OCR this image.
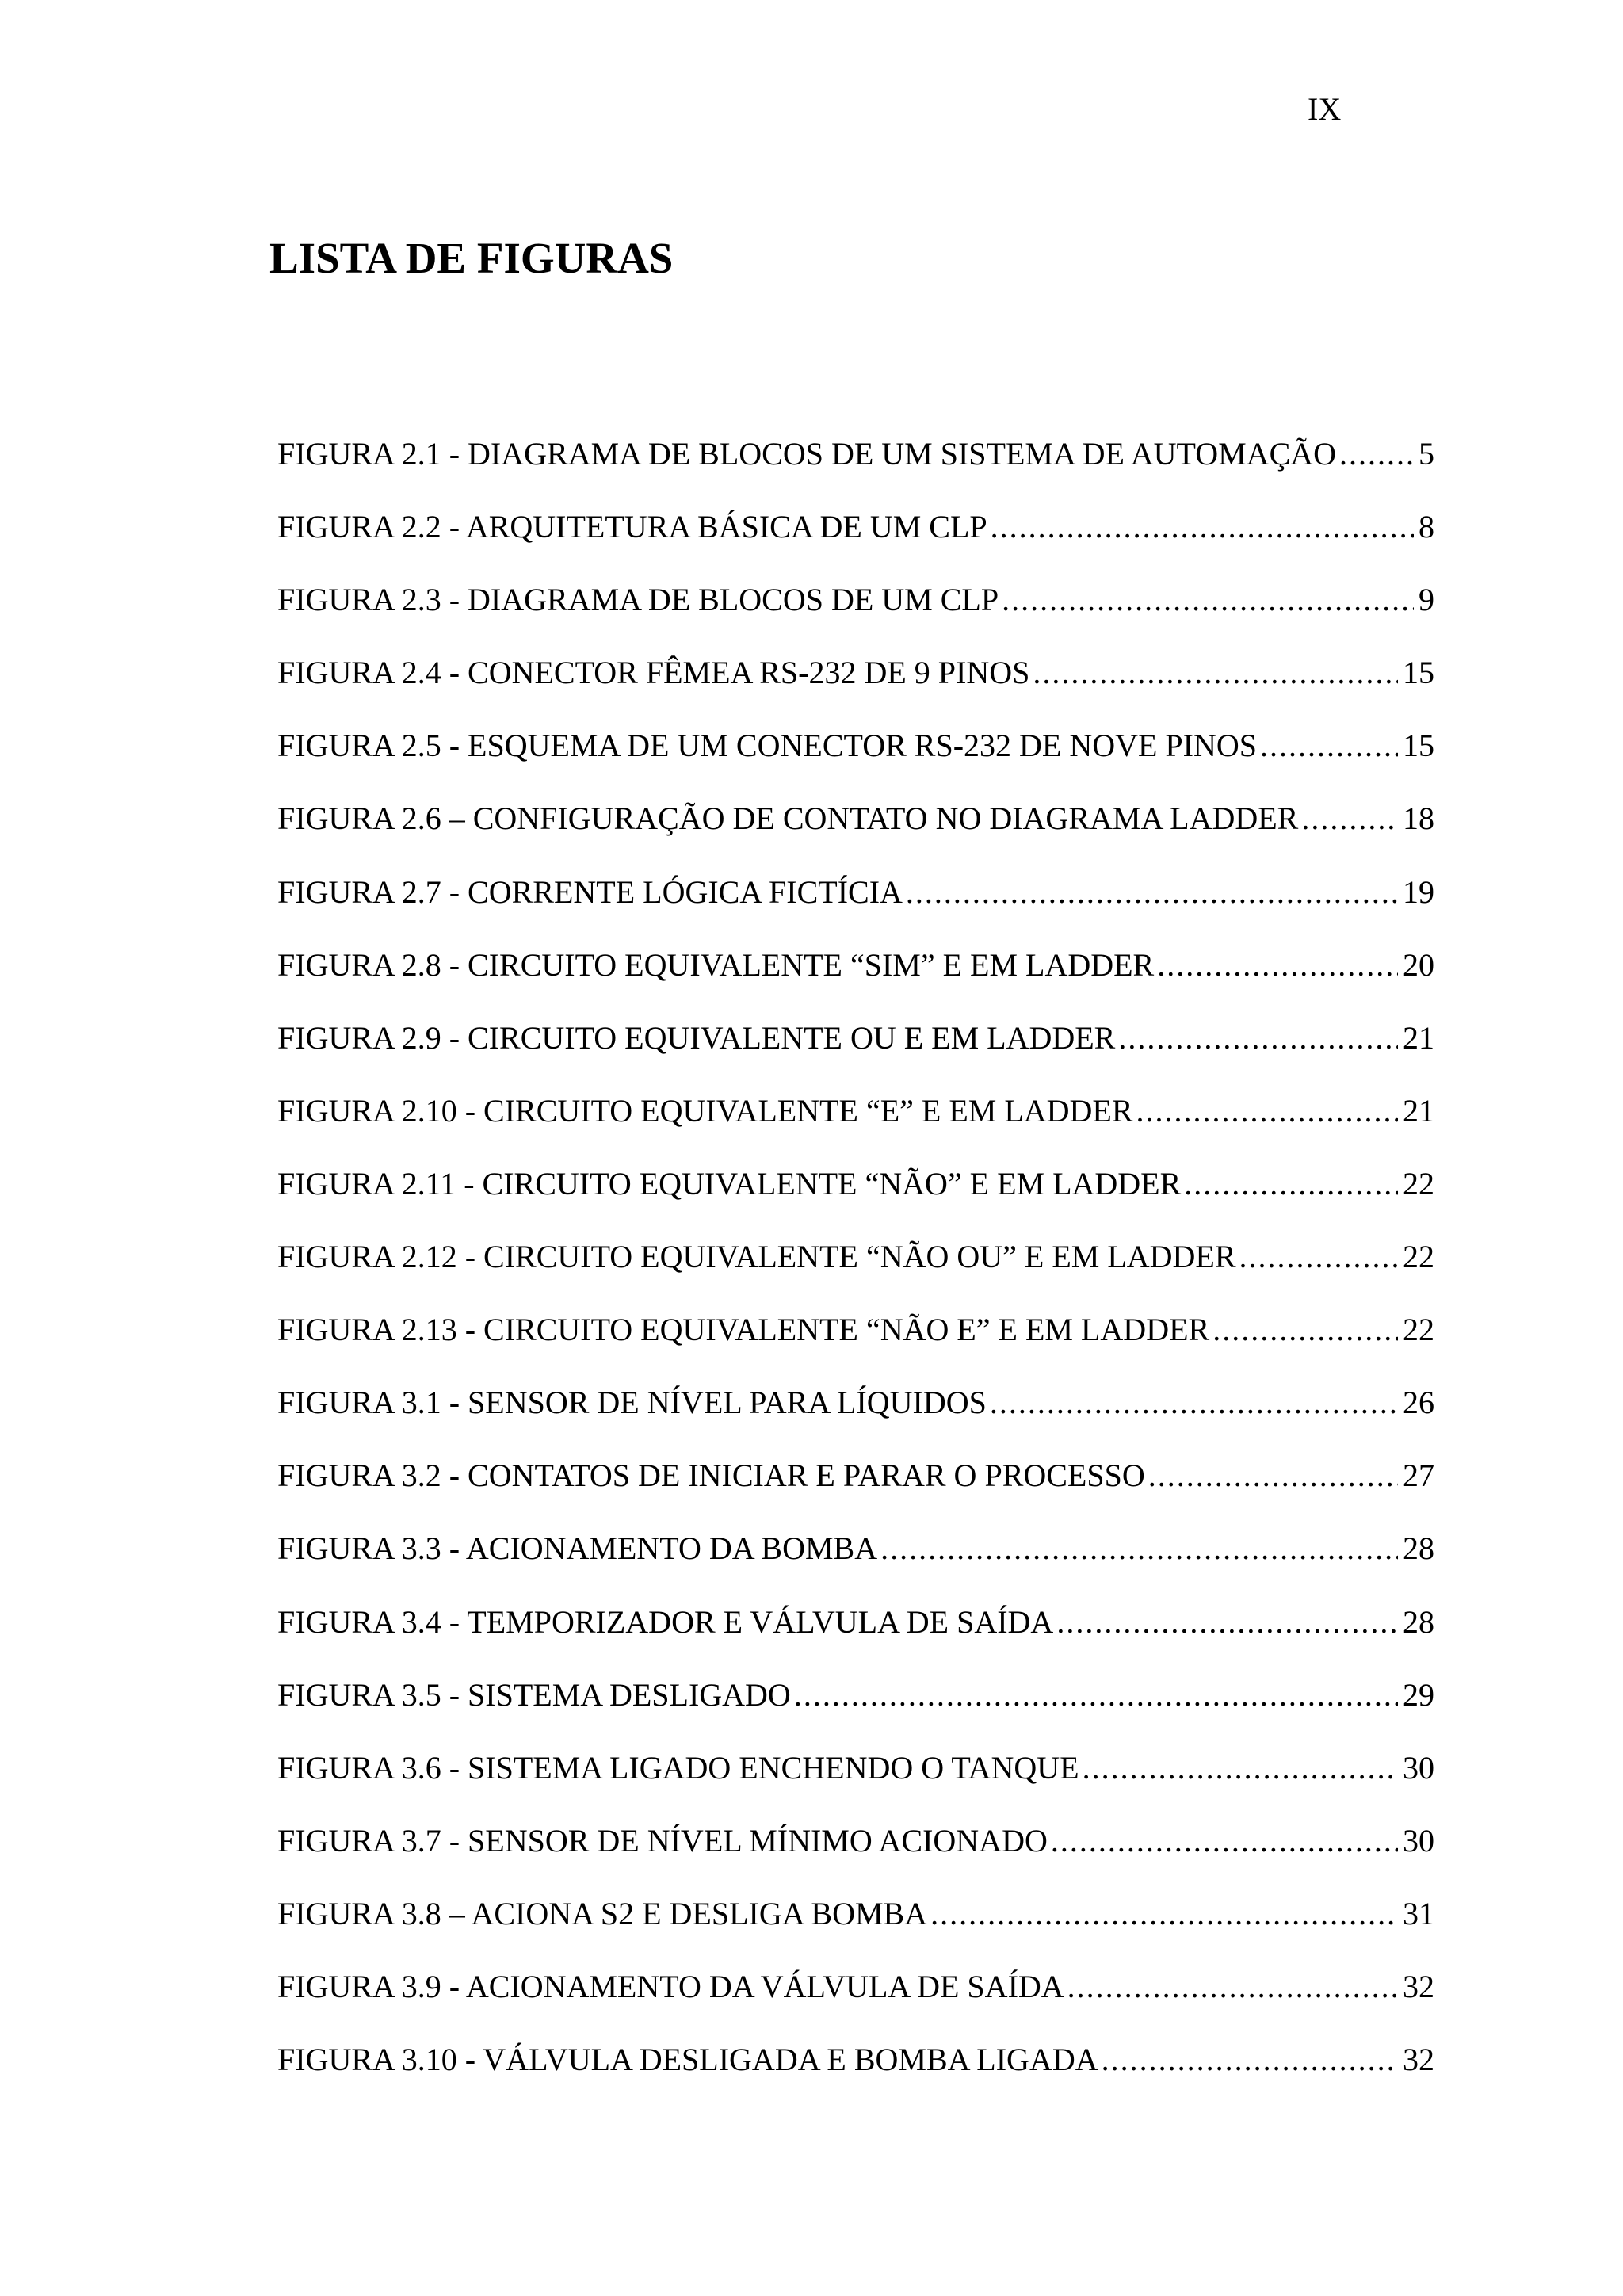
IX
LISTA DE FIGURAS
FIGURA 2.1 - DIAGRAMA DE BLOCOS DE UM SISTEMA DE AUTOMAÇÃO .....	5
FIGURA 2.2 - ARQUITETURA BÁSICA DE UM CLP .....	8
FIGURA 2.3 - DIAGRAMA DE BLOCOS DE UM CLP .....	9
FIGURA 2.4 - CONECTOR FÊMEA RS-232 DE 9 PINOS .....	15
FIGURA 2.5 - ESQUEMA DE UM CONECTOR RS-232 DE NOVE PINOS .....	15
FIGURA 2.6 – CONFIGURAÇÃO DE CONTATO NO DIAGRAMA LADDER .....	18
FIGURA 2.7 - CORRENTE LÓGICA FICTÍCIA .....	19
FIGURA 2.8 - CIRCUITO EQUIVALENTE “SIM” E EM LADDER .....	20
FIGURA 2.9 - CIRCUITO EQUIVALENTE OU E EM LADDER .....	21
FIGURA 2.10 - CIRCUITO EQUIVALENTE “E” E EM LADDER .....	21
FIGURA 2.11 - CIRCUITO EQUIVALENTE “NÃO” E EM LADDER .....	22
FIGURA 2.12 - CIRCUITO EQUIVALENTE “NÃO OU” E EM LADDER .....	22
FIGURA 2.13 - CIRCUITO EQUIVALENTE “NÃO E” E EM LADDER .....	22
FIGURA 3.1 - SENSOR DE NÍVEL PARA LÍQUIDOS .....	26
FIGURA 3.2 - CONTATOS DE INICIAR E PARAR O PROCESSO .....	27
FIGURA 3.3 - ACIONAMENTO DA BOMBA .....	28
FIGURA 3.4 - TEMPORIZADOR E VÁLVULA DE SAÍDA .....	28
FIGURA 3.5 - SISTEMA DESLIGADO .....	29
FIGURA 3.6 - SISTEMA LIGADO ENCHENDO O TANQUE .....	30
FIGURA 3.7 - SENSOR DE NÍVEL MÍNIMO ACIONADO .....	30
FIGURA 3.8 – ACIONA S2 E DESLIGA BOMBA .....	31
FIGURA 3.9 - ACIONAMENTO DA VÁLVULA DE SAÍDA .....	32
FIGURA 3.10 - VÁLVULA DESLIGADA E BOMBA LIGADA .....	32
